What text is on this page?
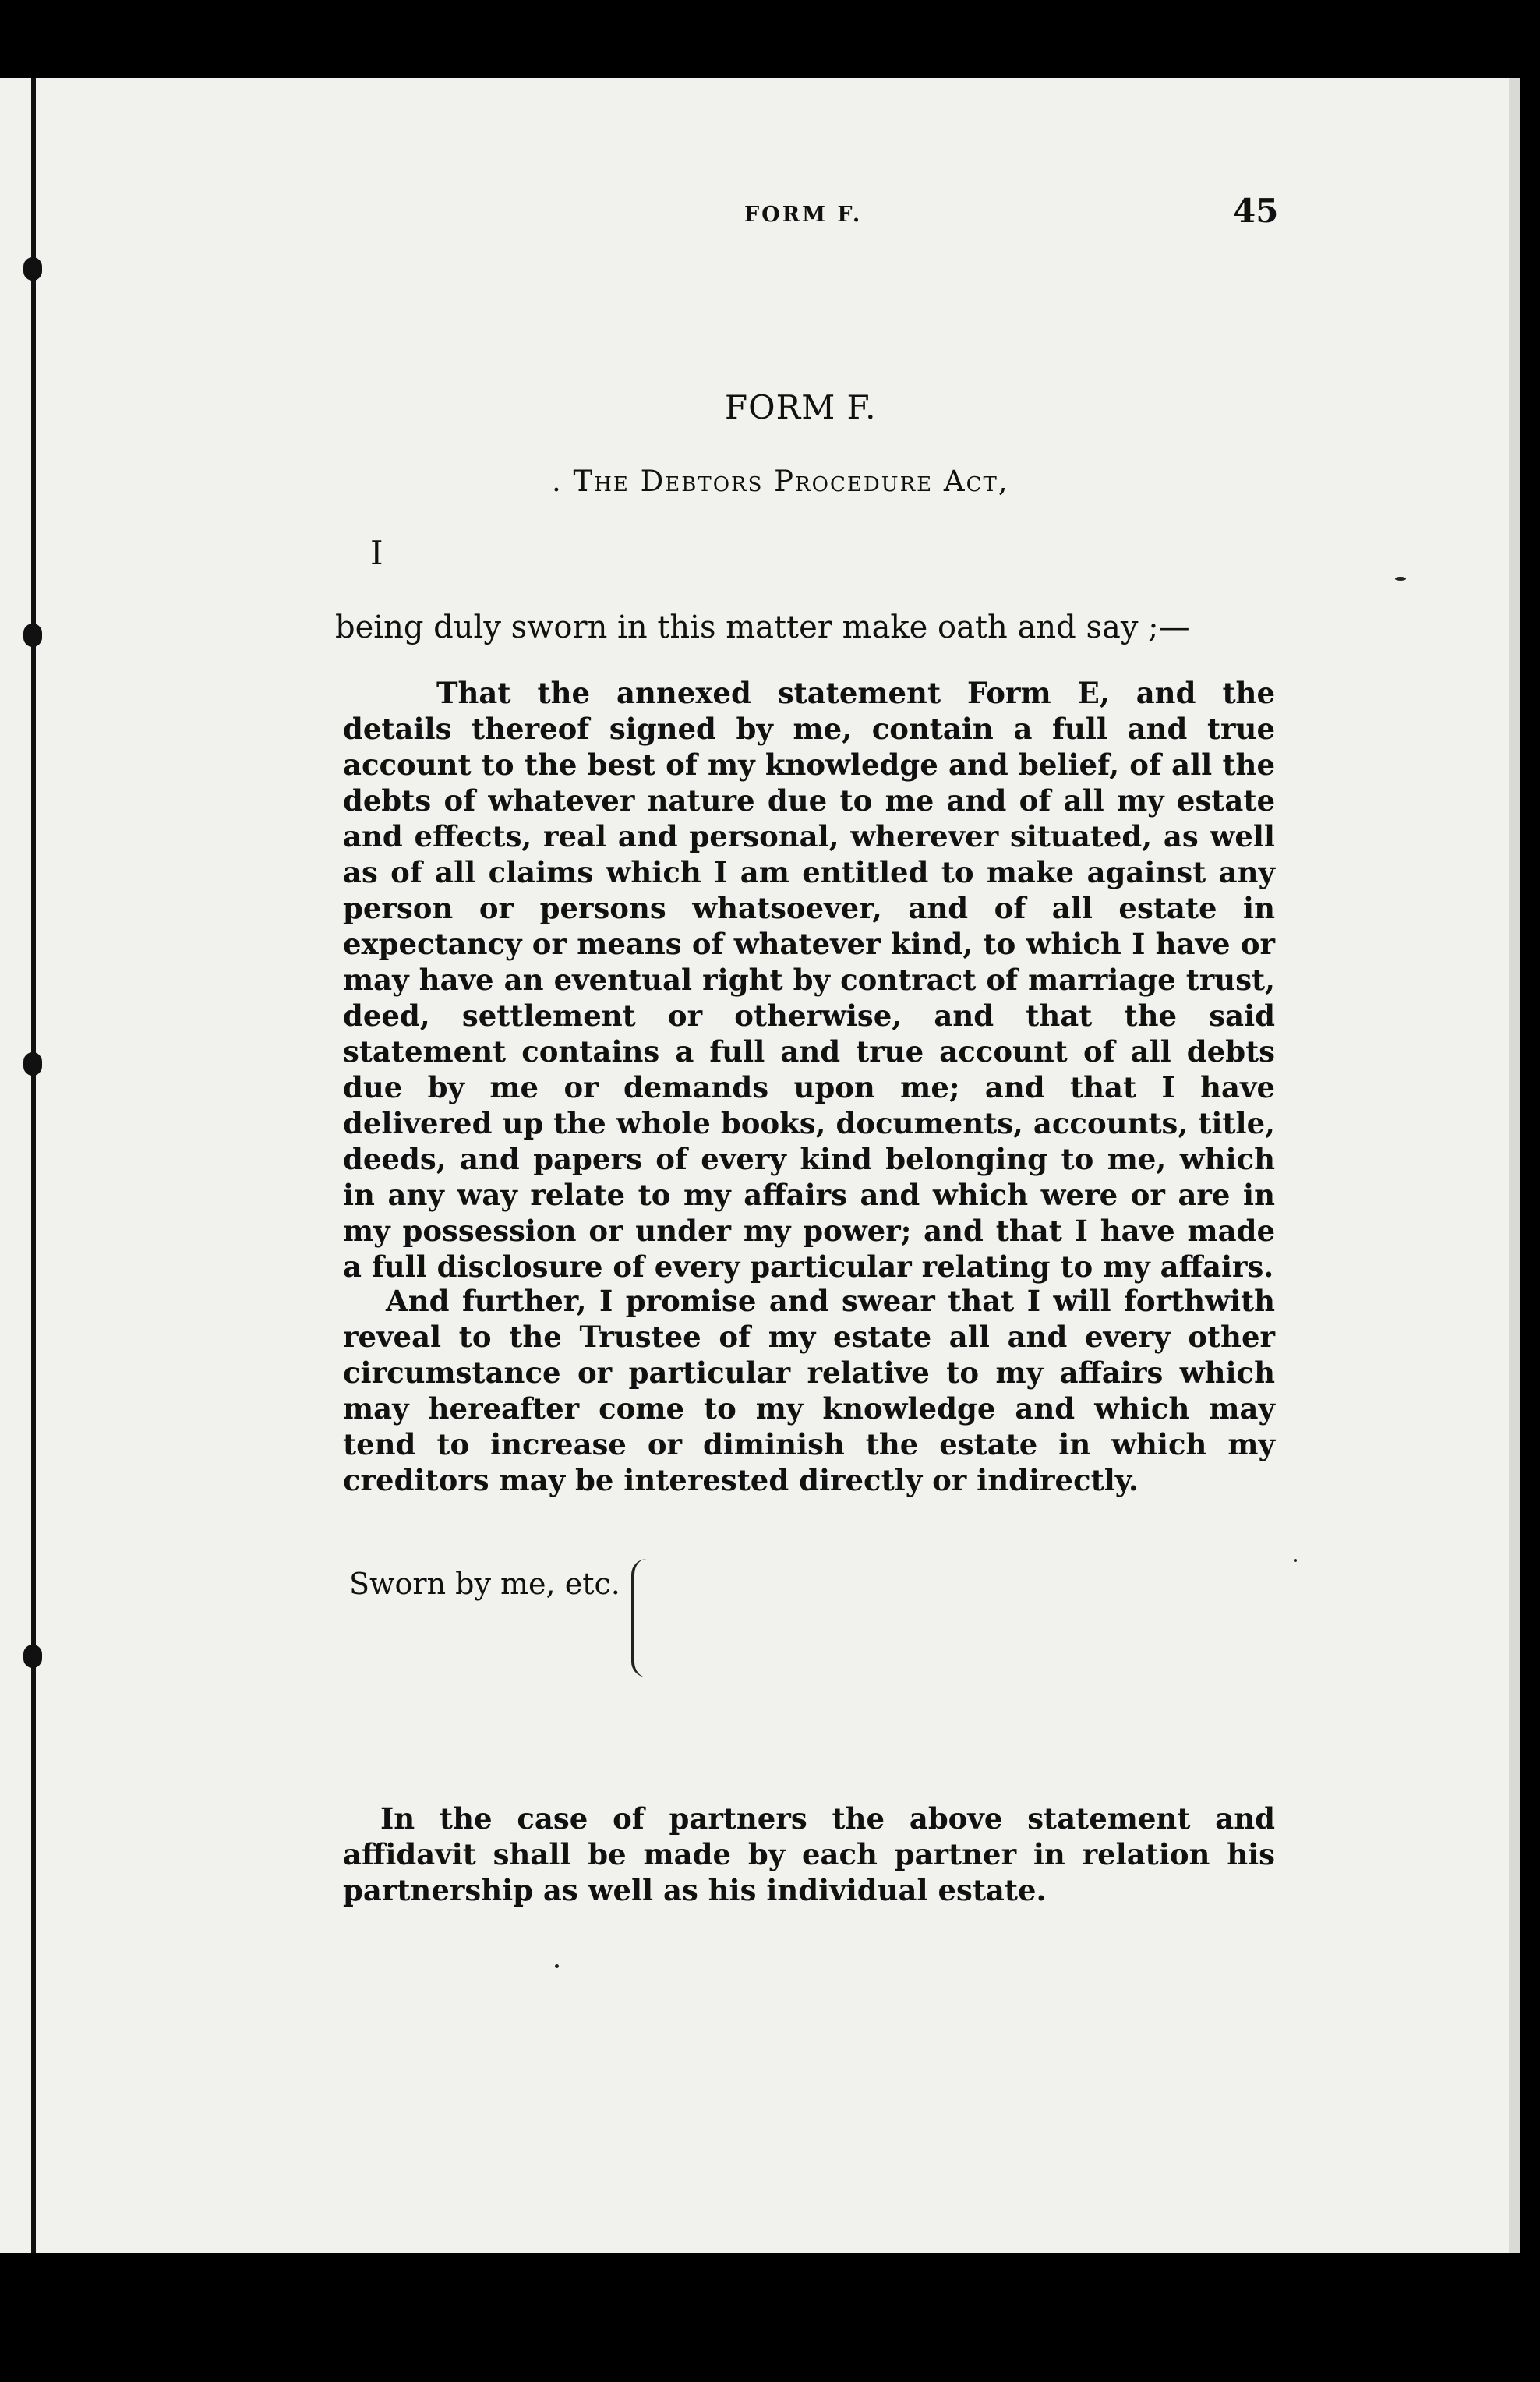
FORM F.	45
FORM F.
. The Debtors Procedure Act,
I
being duly sworn in this matter make oath and say ;—
That the annexed statement Form E, and the details thereof signed by me, contain a full and true account to the best of my knowledge and belief, of all the debts of whatever nature due to me and of all my estate and effects, real and personal, wherever situated, as well as of all claims which I am entitled to make against any person or persons whatsoever, and of all estate in expectancy or means of whatever kind, to which I have or may have an eventual right by contract of marriage trust, deed, settlement or otherwise, and that the said statement contains a full and true account of all debts due by me or demands upon me; and that I have delivered up the whole books, documents, accounts, title, deeds, and papers of every kind belonging to me, which in any way relate to my affairs and which were or are in my possession or under my power; and that I have made a full disclosure of every particular relating to my affairs.
And further, I promise and swear that I will forthwith reveal to the Trustee of my estate all and every other circumstance or particular relative to my affairs which may hereafter come to my knowledge and which may tend to increase or diminish the estate in which my creditors may be interested directly or indirectly.
Sworn by me, etc.
In the case of partners the above statement and affidavit shall be made by each partner in relation his partnership as well as his individual estate.
